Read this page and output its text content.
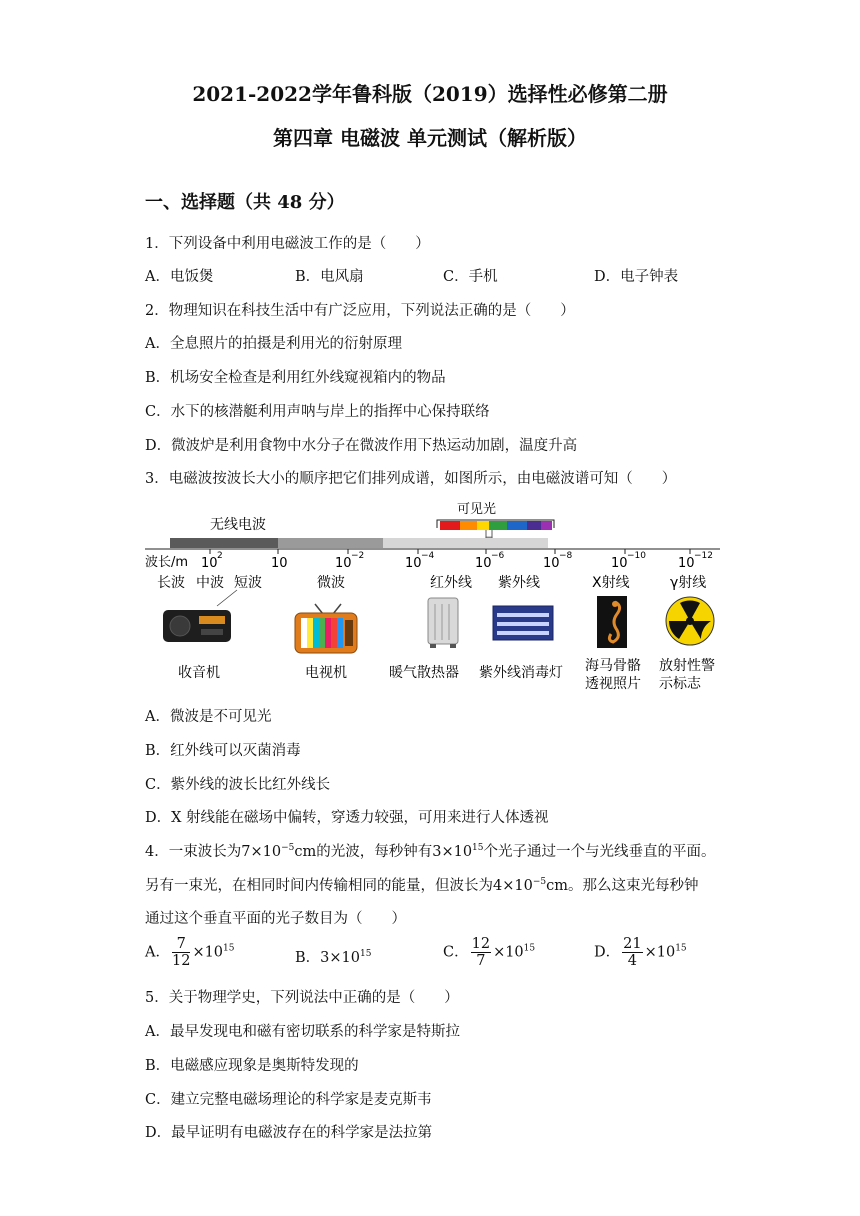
2021-2022学年鲁科版（2019）选择性必修第二册
第四章 电磁波 单元测试（解析版）
一、选择题（共 48 分）
1．下列设备中利用电磁波工作的是（　　）
A．电饭煲	B．电风扇	C．手机	D．电子钟表
2．物理知识在科技生活中有广泛应用，下列说法正确的是（　　）
A．全息照片的拍摄是利用光的衍射原理
B．机场安全检查是利用红外线窥视箱内的物品
C．水下的核潜艇利用声呐与岸上的指挥中心保持联络
D．微波炉是利用食物中水分子在微波作用下热运动加剧，温度升高
3．电磁波按波长大小的顺序把它们排列成谱，如图所示，由电磁波谱可知（　　）
可见光
无线电波
波长/m 10 2	10	10 −2	10 −4	10 −6	10 −8	10 −10 10 −12
长波 中波 短波	微波	红外线 紫外线	X射线	γ射线
收音机	电视机	暖气散热器 紫外线消毒灯 海马骨骼
透视照片
放射性警
示标志
A．微波是不可见光
B．红外线可以灭菌消毒
C．紫外线的波长比红外线长
D．X 射线能在磁场中偏转，穿透力较强，可用来进行人体透视
4．一束波长为$7\times 10^{-5}cm$的光波，每秒钟有$3\times 10^{15}$个光子通过一个与光线垂直的平面。
另有一束光，在相同时间内传输相同的能量，但波长为$4\times 10^{-5}cm$。那么这束光每秒钟
通过这个垂直平面的光子数目为（　　）
A． $\frac{7}{12} \times 10^{15}$
B．$3\times 10^{15}$	C． $\frac{12}{7} \times 10^{15}$	D． $\frac{21}{4} \times 10^{15}$
5．关于物理学史，下列说法中正确的是（　　）
A．最早发现电和磁有密切联系的科学家是特斯拉
B．电磁感应现象是奥斯特发现的
C．建立完整电磁场理论的科学家是麦克斯韦
D．最早证明有电磁波存在的科学家是法拉第
